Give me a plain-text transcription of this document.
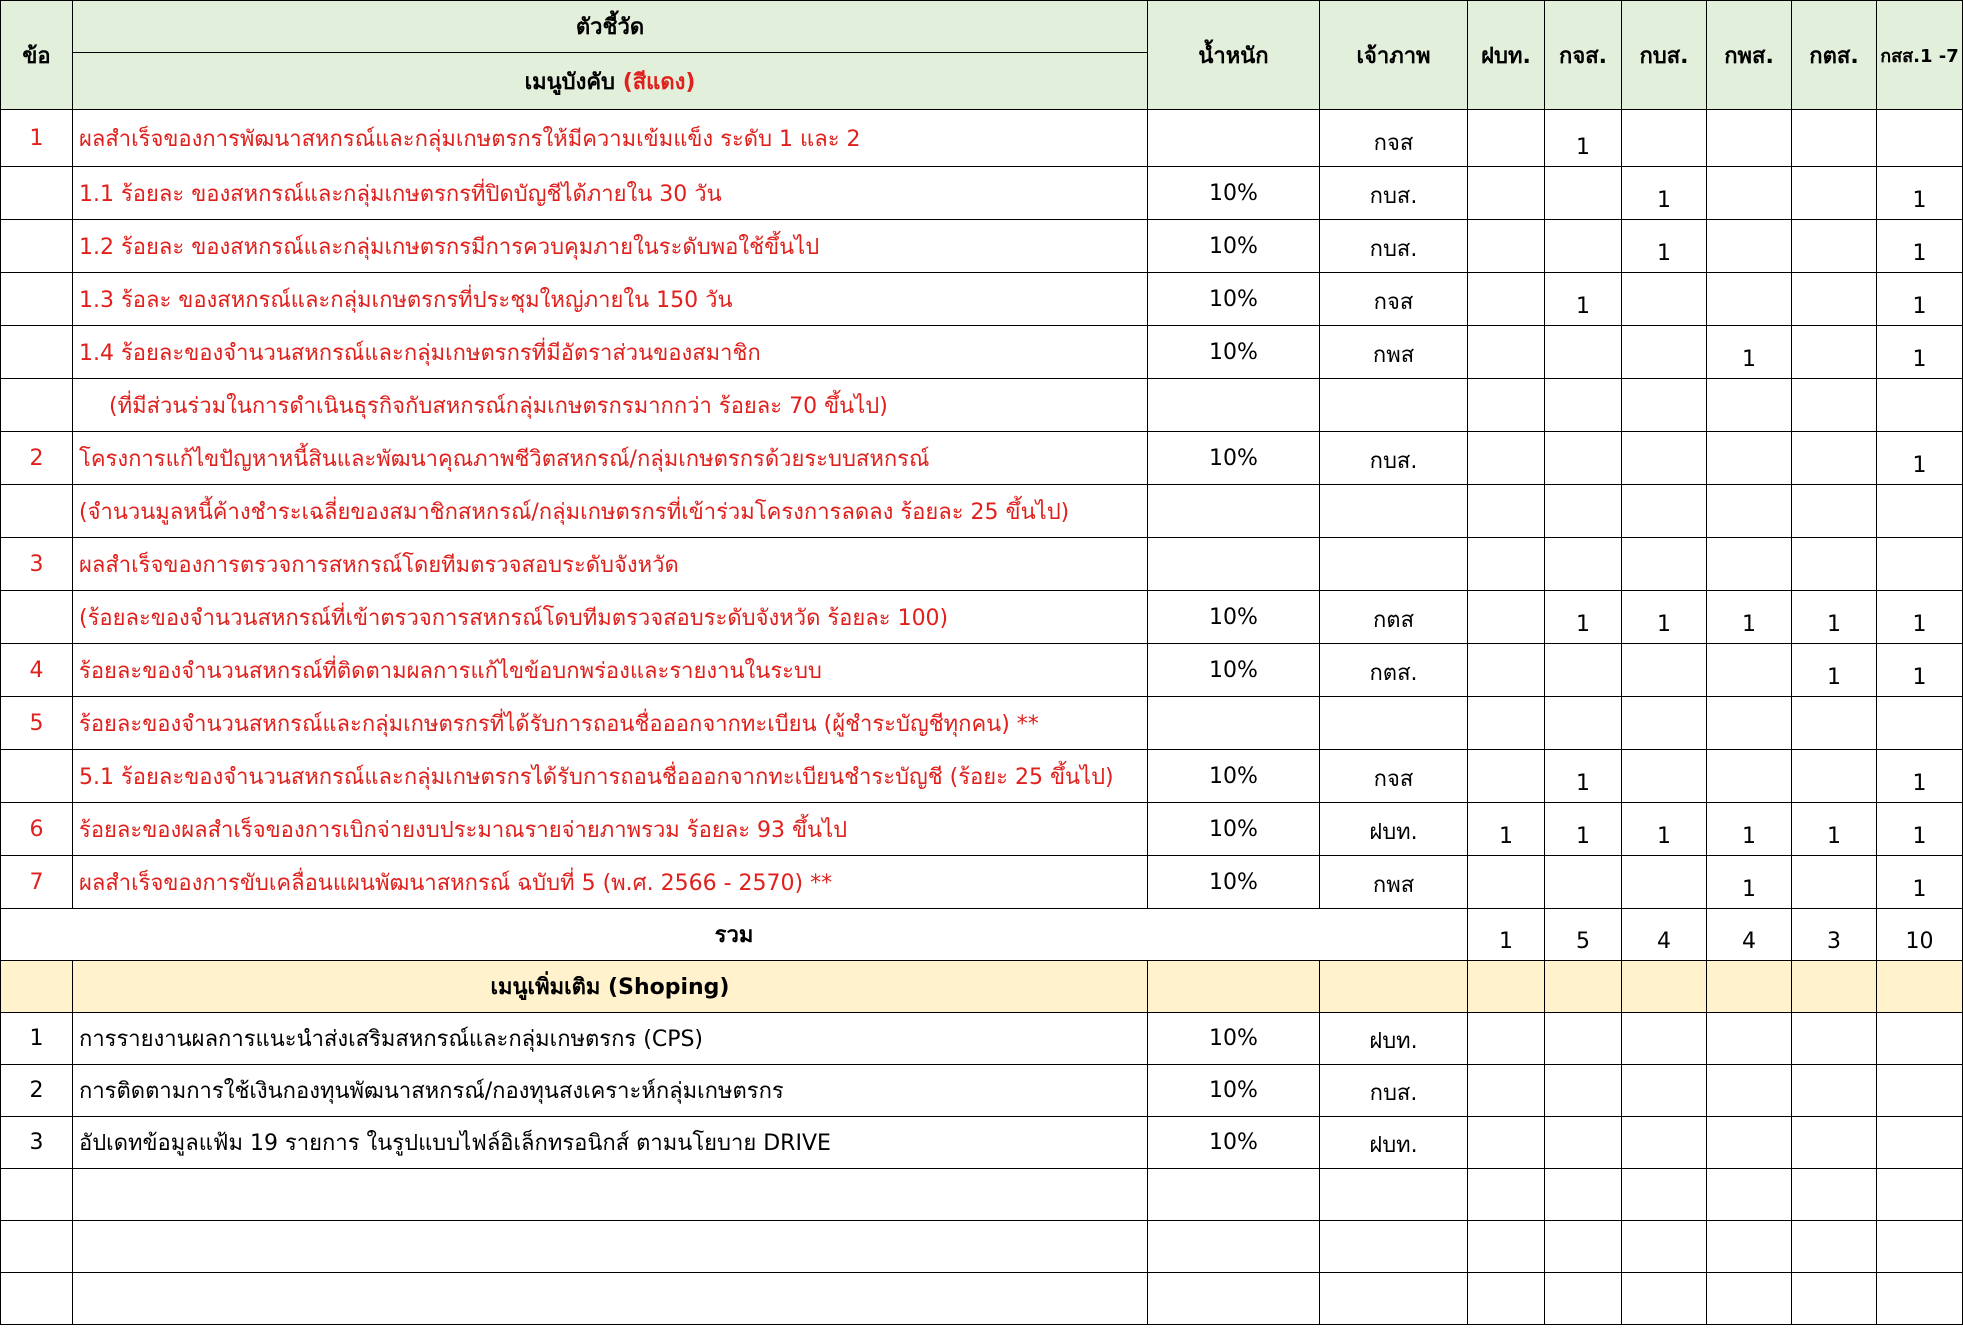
ข้อ	ตัวชี้วัด	น้ำหนัก	เจ้าภาพ	ฝบท.	กจส.	กบส.	กพส.	กตส.	กสส.1 -7
	เมนูบังคับ (สีแดง)								
1	ผลสำเร็จของการพัฒนาสหกรณ์และกลุ่มเกษตรกรให้มีความเข้มแข็ง ระดับ 1 และ 2		กจส		1				
	1.1 ร้อยละ ของสหกรณ์และกลุ่มเกษตรกรที่ปิดบัญชีได้ภายใน 30 วัน	10%	กบส.			1			1
	1.2 ร้อยละ ของสหกรณ์และกลุ่มเกษตรกรมีการควบคุมภายในระดับพอใช้ขึ้นไป	10%	กบส.			1			1
	1.3 ร้อละ ของสหกรณ์และกลุ่มเกษตรกรที่ประชุมใหญ่ภายใน 150 วัน	10%	กจส		1				1
	1.4 ร้อยละของจำนวนสหกรณ์และกลุ่มเกษตรกรที่มีอัตราส่วนของสมาชิก	10%	กพส				1		1
	(ที่มีส่วนร่วมในการดำเนินธุรกิจกับสหกรณ์กลุ่มเกษตรกรมากกว่า ร้อยละ 70 ขึ้นไป)								
2	โครงการแก้ไขปัญหาหนี้สินและพัฒนาคุณภาพชีวิตสหกรณ์/กลุ่มเกษตรกรด้วยระบบสหกรณ์	10%	กบส.						1
	(จำนวนมูลหนี้ค้างชำระเฉลี่ยของสมาชิกสหกรณ์/กลุ่มเกษตรกรที่เข้าร่วมโครงการลดลง ร้อยละ 25 ขึ้นไป)								
3	ผลสำเร็จของการตรวจการสหกรณ์โดยทีมตรวจสอบระดับจังหวัด								
	(ร้อยละของจำนวนสหกรณ์ที่เข้าตรวจการสหกรณ์โดบทีมตรวจสอบระดับจังหวัด ร้อยละ 100)	10%	กตส		1	1	1	1	1
4	ร้อยละของจำนวนสหกรณ์ที่ติดตามผลการแก้ไขข้อบกพร่องและรายงานในระบบ	10%	กตส.					1	1
5	ร้อยละของจำนวนสหกรณ์และกลุ่มเกษตรกรที่ได้รับการถอนชื่อออกจากทะเบียน (ผู้ชำระบัญชีทุกคน) **								
	5.1 ร้อยละของจำนวนสหกรณ์และกลุ่มเกษตรกรได้รับการถอนชื่อออกจากทะเบียนชำระบัญชี (ร้อยะ 25 ขึ้นไป)	10%	กจส		1				1
6	ร้อยละของผลสำเร็จของการเบิกจ่ายงบประมาณรายจ่ายภาพรวม ร้อยละ 93 ขึ้นไป	10%	ฝบท.	1	1	1	1	1	1
7	ผลสำเร็จของการขับเคลื่อนแผนพัฒนาสหกรณ์ ฉบับที่ 5 (พ.ศ. 2566 - 2570) **	10%	กพส				1		1
รวม				1	5	4	4	3	10
	เมนูเพิ่มเติม (Shoping)								
1	การรายงานผลการแนะนำส่งเสริมสหกรณ์และกลุ่มเกษตรกร (CPS)	10%	ฝบท.						
2	การติดตามการใช้เงินกองทุนพัฒนาสหกรณ์/กองทุนสงเคราะห์กลุ่มเกษตรกร	10%	กบส.						
3	อัปเดทข้อมูลแฟ้ม 19 รายการ ในรูปแบบไฟล์อิเล็กทรอนิกส์ ตามนโยบาย DRIVE	10%	ฝบท.						
